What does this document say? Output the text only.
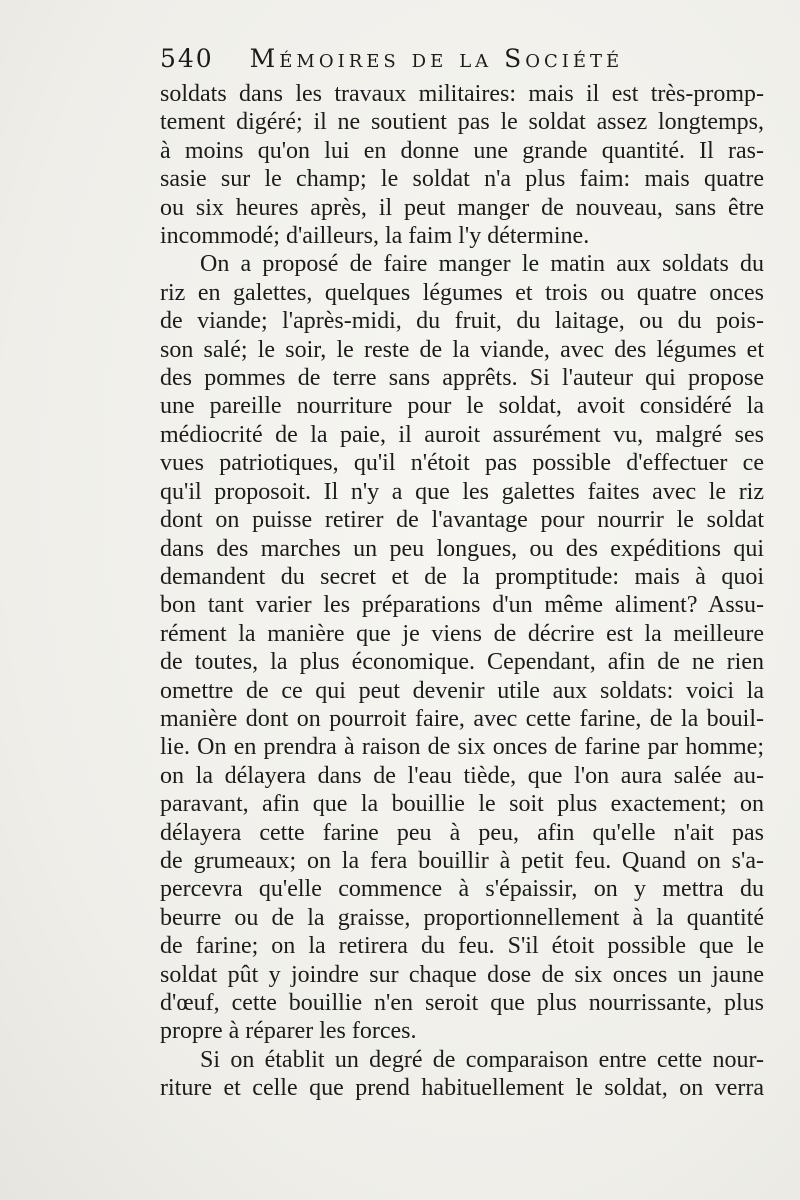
540 Mémoires de la Société
soldats dans les travaux militaires: mais il est très-promp-
tement digéré; il ne soutient pas le soldat assez longtemps,
à moins qu'on lui en donne une grande quantité. Il ras-
sasie sur le champ; le soldat n'a plus faim: mais quatre
ou six heures après, il peut manger de nouveau, sans être
incommodé; d'ailleurs, la faim l'y détermine.
On a proposé de faire manger le matin aux soldats du
riz en galettes, quelques légumes et trois ou quatre onces
de viande; l'après-midi, du fruit, du laitage, ou du pois-
son salé; le soir, le reste de la viande, avec des légumes et
des pommes de terre sans apprêts. Si l'auteur qui propose
une pareille nourriture pour le soldat, avoit considéré la
médiocrité de la paie, il auroit assurément vu, malgré ses
vues patriotiques, qu'il n'étoit pas possible d'effectuer ce
qu'il proposoit. Il n'y a que les galettes faites avec le riz
dont on puisse retirer de l'avantage pour nourrir le soldat
dans des marches un peu longues, ou des expéditions qui
demandent du secret et de la promptitude: mais à quoi
bon tant varier les préparations d'un même aliment? Assu-
rément la manière que je viens de décrire est la meilleure
de toutes, la plus économique. Cependant, afin de ne rien
omettre de ce qui peut devenir utile aux soldats: voici la
manière dont on pourroit faire, avec cette farine, de la bouil-
lie. On en prendra à raison de six onces de farine par homme;
on la délayera dans de l'eau tiède, que l'on aura salée au-
paravant, afin que la bouillie le soit plus exactement; on
délayera cette farine peu à peu, afin qu'elle n'ait pas
de grumeaux; on la fera bouillir à petit feu. Quand on s'a-
percevra qu'elle commence à s'épaissir, on y mettra du
beurre ou de la graisse, proportionnellement à la quantité
de farine; on la retirera du feu. S'il étoit possible que le
soldat pût y joindre sur chaque dose de six onces un jaune
d'œuf, cette bouillie n'en seroit que plus nourrissante, plus
propre à réparer les forces.
Si on établit un degré de comparaison entre cette nour-
riture et celle que prend habituellement le soldat, on verra
